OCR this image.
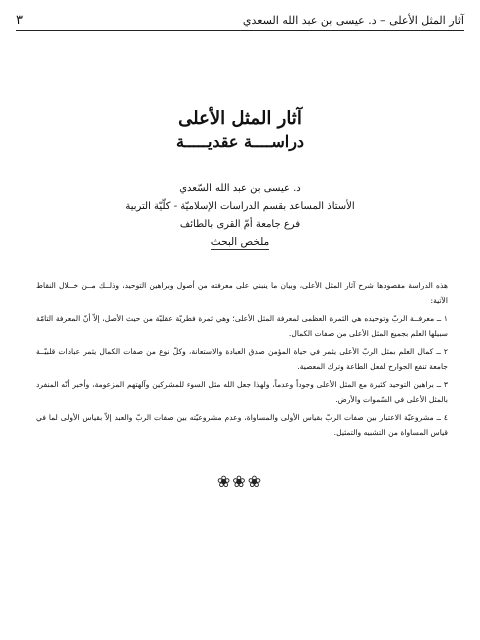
آثار المثل الأعلى – د. عيسى بن عبد الله السعدي
٣
آثار المثل الأعلى
دراســــة عقديـــــة
د. عيسى بن عبد الله السّعدي
الأستاذ المساعد بقسم الدراسات الإسلاميّة - كلّيّة التربية
فرع جامعة أمّ القرى بالطائف
ملخص البحث

هذه الدراسة مقصودها شرح آثار المثل الأعلى، وبيان ما ينبني على معرفته من أصول وبراهين التوحيد، وذلــك مــن خــلال النقاط الآتية:

١ ــ معرفــة الربّ وتوحيده هي الثمرة العظمى لمعرفة المثل الأعلى؛ وهي ثمرة فطريّة عقليّة من حيث الأصل، إلاّ أنّ المعرفة التامّة سبيلها العلم بجميع المثل الأعلى من صفات الكمال.

٢ ــ كمال العلم بمثل الربّ الأعلى يثمر في حياة المؤمن صدق العبادة والاستعانة، وكلّ نوع من صفات الكمال يثمر عبادات قلبيّــة جامعة تنفع الجوارح لفعل الطاعة وترك المعصية.

٣ ــ براهين التوحيد كثيرة مع المثل الأعلى وجوداً وعدماً، ولهذا جعل الله مثل السوء للمشركين وآلهتهم المزعومة، وأخبر أنّه المنفرد بالمثل الأعلى في السّموات والأرض.

٤ ــ مشروعيّة الاعتبار بين صفات الربّ بقياس الأولى والمساواة، وعدم مشروعيّته بين صفات الربّ والعبد إلاّ بقياس الأولى لما في قياس المساواة من التشبيه والتمثيل.

❀❀❀
